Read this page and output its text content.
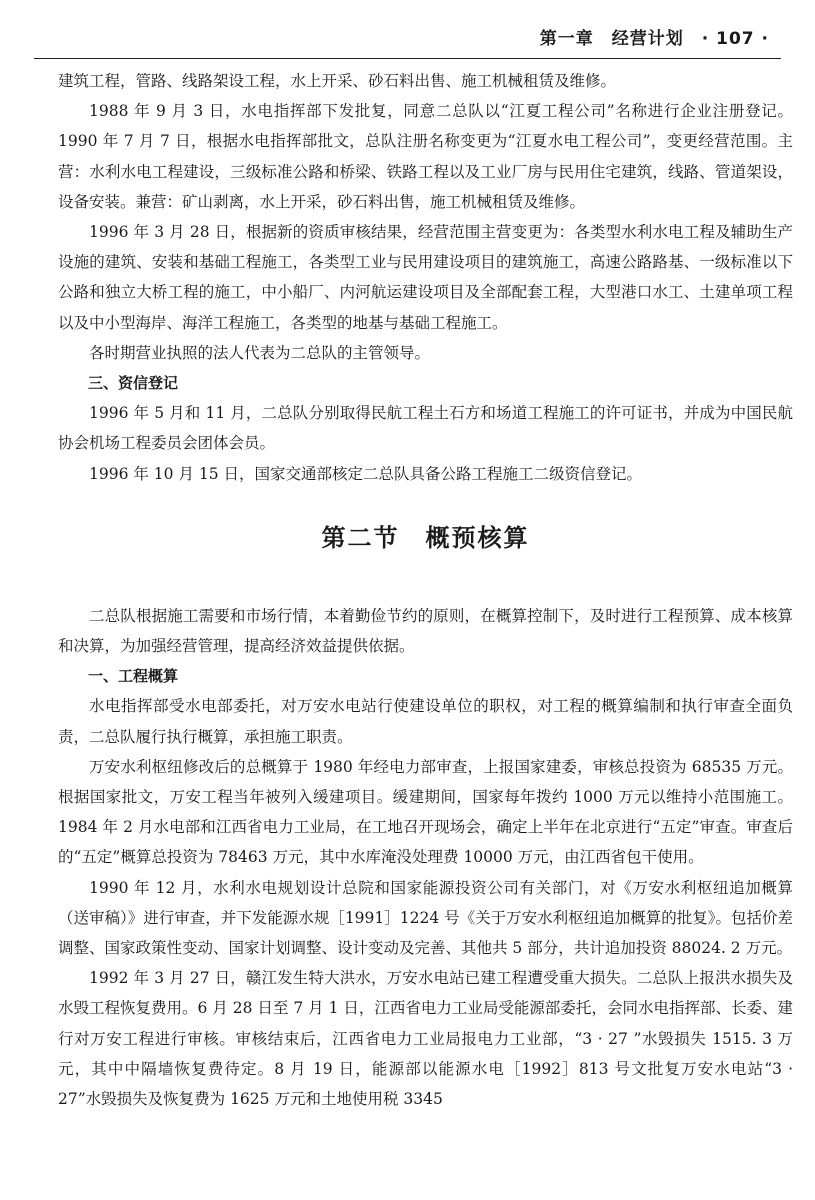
第一章　经营计划　· 107 ·

建筑工程，管路、线路架设工程，水上开采、砂石料出售、施工机械租赁及维修。

1988 年 9 月 3 日，水电指挥部下发批复，同意二总队以“江夏工程公司”名称进行企业注册登记。1990 年 7 月 7 日，根据水电指挥部批文，总队注册名称变更为“江夏水电工程公司”，变更经营范围。主营：水利水电工程建设，三级标准公路和桥梁、铁路工程以及工业厂房与民用住宅建筑，线路、管道架设，设备安装。兼营：矿山剥离，水上开采，砂石料出售，施工机械租赁及维修。

1996 年 3 月 28 日，根据新的资质审核结果，经营范围主营变更为：各类型水利水电工程及辅助生产设施的建筑、安装和基础工程施工，各类型工业与民用建设项目的建筑施工，高速公路路基、一级标准以下公路和独立大桥工程的施工，中小船厂、内河航运建设项目及全部配套工程，大型港口水工、土建单项工程以及中小型海岸、海洋工程施工，各类型的地基与基础工程施工。

各时期营业执照的法人代表为二总队的主管领导。

三、资信登记

1996 年 5 月和 11 月，二总队分别取得民航工程土石方和场道工程施工的许可证书，并成为中国民航协会机场工程委员会团体会员。

1996 年 10 月 15 日，国家交通部核定二总队具备公路工程施工二级资信登记。

第二节　概预核算

二总队根据施工需要和市场行情，本着勤俭节约的原则，在概算控制下，及时进行工程预算、成本核算和决算，为加强经营管理，提高经济效益提供依据。

一、工程概算

水电指挥部受水电部委托，对万安水电站行使建设单位的职权，对工程的概算编制和执行审查全面负责，二总队履行执行概算，承担施工职责。

万安水利枢纽修改后的总概算于 1980 年经电力部审查，上报国家建委，审核总投资为 68535 万元。根据国家批文，万安工程当年被列入缓建项目。缓建期间，国家每年拨约 1000 万元以维持小范围施工。1984 年 2 月水电部和江西省电力工业局，在工地召开现场会，确定上半年在北京进行“五定”审查。审查后的“五定”概算总投资为 78463 万元，其中水库淹没处理费 10000 万元，由江西省包干使用。

1990 年 12 月，水利水电规划设计总院和国家能源投资公司有关部门，对《万安水利枢纽追加概算（送审稿）》进行审查，并下发能源水规［1991］1224 号《关于万安水利枢纽追加概算的批复》。包括价差调整、国家政策性变动、国家计划调整、设计变动及完善、其他共 5 部分，共计追加投资 88024. 2 万元。

1992 年 3 月 27 日，赣江发生特大洪水，万安水电站已建工程遭受重大损失。二总队上报洪水损失及水毁工程恢复费用。6 月 28 日至 7 月 1 日，江西省电力工业局受能源部委托，会同水电指挥部、长委、建行对万安工程进行审核。审核结束后，江西省电力工业局报电力工业部，“3 · 27 ”水毁损失 1515. 3 万元，其中中隔墙恢复费待定。8 月 19 日，能源部以能源水电［1992］813 号文批复万安水电站“3 · 27”水毁损失及恢复费为 1625 万元和土地使用税 3345
